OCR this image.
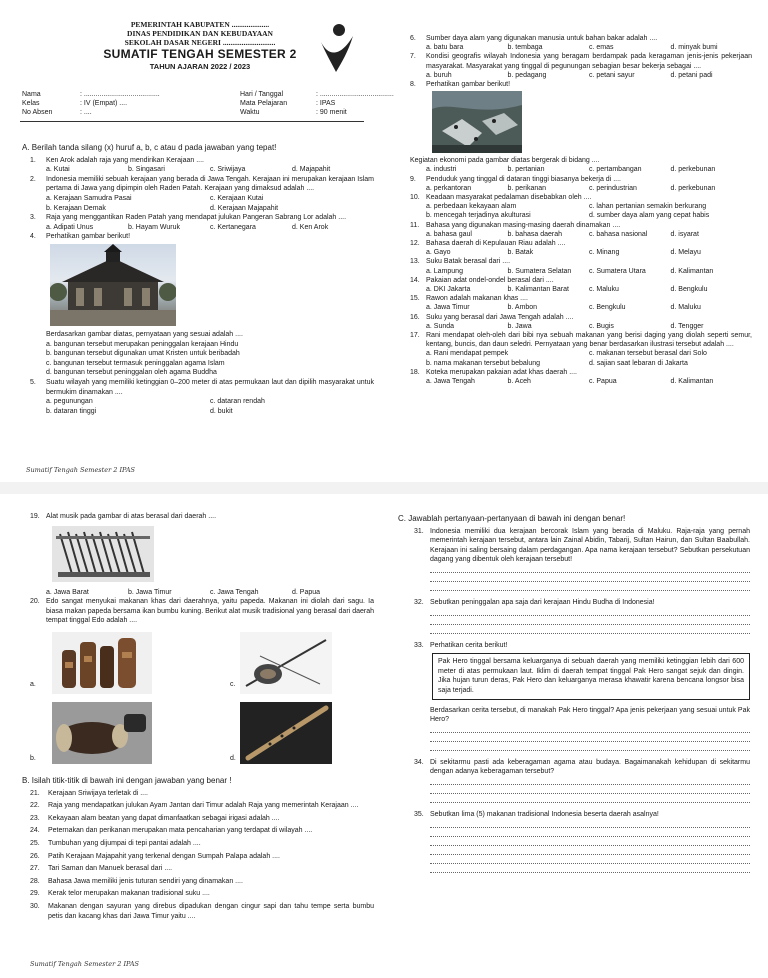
PEMERINTAH KABUPATEN ....................
DINAS PENDIDIKAN DAN KEBUDAYAAN
SEKOLAH DASAR NEGERI ............................
SUMATIF TENGAH SEMESTER 2
TAHUN AJARAN 2022 / 2023
Nama	: .......................................	Hari / Tanggal	: ......................................
Kelas	: IV (Empat) ....	Mata Pelajaran	: IPAS
No Absen	: ....	Waktu	: 90 menit
A. Berilah tanda silang (x) huruf a, b, c atau d pada jawaban yang tepat!
1.	Ken Arok adalah raja yang mendirikan Kerajaan ....
a. Kutai	b. Singasari	c. Sriwijaya	d. Majapahit
2.	Indonesia memiliki sebuah kerajaan yang berada di Jawa Tengah. Kerajaan ini merupakan kerajaan Islam pertama di Jawa yang dipimpin oleh Raden Patah. Kerajaan yang dimaksud adalah ....
a. Kerajaan Samudra Pasai	c. Kerajaan Kutai
b. Kerajaan Demak	d. Kerajaan Majapahit
3.	Raja yang menggantikan Raden Patah yang mendapat julukan Pangeran Sabrang Lor adalah ....
a. Adipati Unus	b. Hayam Wuruk	c. Kertanegara	d. Ken Arok
4.	Perhatikan gambar berikut!
Berdasarkan gambar diatas, pernyataan yang sesuai adalah ....
a. bangunan tersebut merupakan peninggalan kerajaan Hindu
b. bangunan tersebut digunakan umat Kristen untuk beribadah
c. bangunan tersebut termasuk peninggalan agama Islam
d. bangunan tersebut peninggalan oleh agama Buddha
5.	Suatu wilayah yang memiliki ketinggian 0–200 meter di atas permukaan laut dan dipilih masyarakat untuk bermukim dinamakan ....
a. pegunungan	c. dataran rendah
b. dataran tinggi	d. bukit
6.	Sumber daya alam yang digunakan manusia untuk bahan bakar adalah ....
a. batu bara	b. tembaga	c. emas	d. minyak bumi
7.	Kondisi geografis wilayah Indonesia yang beragam berdampak pada keragaman jenis-jenis pekerjaan masyarakat. Masyarakat yang tinggal di pegunungan sebagian besar bekerja sebagai ....
a. buruh	b. pedagang	c. petani sayur	d. petani padi
8.	Perhatikan gambar berikut!
Kegiatan ekonomi pada gambar diatas bergerak di bidang ....
a. industri	b. pertanian	c. pertambangan	d. perkebunan
9.	Penduduk yang tinggal di dataran tinggi biasanya bekerja di ....
a. perkantoran	b. perikanan	c. perindustrian	d. perkebunan
10. Keadaan masyarakat pedalaman disebabkan oleh ....
a. perbedaan kekayaan alam	c. lahan pertanian semakin berkurang
b. mencegah terjadinya akulturasi	d. sumber daya alam yang cepat habis
11. Bahasa yang digunakan masing-masing daerah dinamakan ....
a. bahasa gaul	b. bahasa daerah	c. bahasa nasional	d. isyarat
12. Bahasa daerah di Kepulauan Riau adalah ....
a. Gayo	b. Batak	c. Minang	d. Melayu
13. Suku Batak berasal dari ....
a. Lampung	b. Sumatera Selatan	c. Sumatera Utara	d. Kalimantan
14. Pakaian adat ondel-ondel berasal dari ....
a. DKI Jakarta	b. Kalimantan Barat	c. Maluku	d. Bengkulu
15. Rawon adalah makanan khas ....
a. Jawa Timur	b. Ambon	c. Bengkulu	d. Maluku
16. Suku yang berasal dari Jawa Tengah adalah ....
a. Sunda	b. Jawa	c. Bugis	d. Tengger
17. Rani mendapat oleh-oleh dari bibi nya sebuah makanan yang berisi daging yang diolah seperti semur, kentang, buncis, dan daun seledri. Pernyataan yang benar berdasarkan ilustrasi tersebut adalah ....
a. Rani mendapat pempek	c. makanan tersebut berasal dari Solo
b. nama makanan tersebut bebalung	d. sajian saat lebaran di Jakarta
18. Koteka merupakan pakaian adat khas daerah ....
a. Jawa Tengah	b. Aceh	c. Papua	d. Kalimantan
Sumatif Tengah Semester 2 IPAS
19. Alat musik pada gambar di atas berasal dari daerah ....
a. Jawa Barat	b. Jawa Timur	c. Jawa Tengah	d. Papua
20. Edo sangat menyukai makanan khas dari daerahnya, yaitu papeda. Makanan ini diolah dari sagu. Ia biasa makan papeda bersama ikan bumbu kuning. Berikut alat musik tradisional yang berasal dari daerah tempat tinggal Edo adalah ....
a.	c.
b.	d.
B. Isilah titik-titik di bawah ini dengan jawaban yang benar !
21.	Kerajaan Sriwijaya terletak di ....
22.	Raja yang mendapatkan julukan Ayam Jantan dari Timur adalah Raja yang memerintah Kerajaan ....
23.	Kekayaan alam beatan yang dapat dimanfaatkan sebagai irigasi adalah ....
24.	Peternakan dan perikanan merupakan mata pencaharian yang terdapat di wilayah ....
25.	Tumbuhan yang dijumpai di tepi pantai adalah ....
26.	Patih Kerajaan Majapahit yang terkenal dengan Sumpah Palapa adalah ....
27.	Tari Saman dan Manuek berasal dari ....
28.	Bahasa Jawa memiliki jenis tuturan sendiri yang dinamakan ....
29.	Kerak telor merupakan makanan tradisional suku ....
30.	Makanan dengan sayuran yang direbus dipadukan dengan cingur sapi dan tahu tempe serta bumbu petis dan kacang khas dari Jawa Timur yaitu ....
C. Jawablah pertanyaan-pertanyaan di bawah ini dengan benar!
31. Indonesia memiliki dua kerajaan bercorak Islam yang berada di Maluku. Raja-raja yang pernah memerintah kerajaan tersebut, antara lain Zainal Abidin, Tabarij, Sultan Hairun, dan Sultan Baabullah. Kerajaan ini saling bersaing dalam perdagangan. Apa nama kerajaan tersebut? Sebutkan persekutuan dagang yang dibentuk oleh kerajaan tersebut!
32. Sebutkan peninggalan apa saja dari kerajaan Hindu Budha di Indonesia!
33. Perhatikan cerita berikut!
Pak Hero tinggal bersama keluarganya di sebuah daerah yang memiliki ketinggian lebih dari 600 meter di atas permukaan laut. Iklim di daerah tempat tinggal Pak Hero sangat sejuk dan dingin. Jika hujan turun deras, Pak Hero dan keluarganya merasa khawatir karena bencana longsor bisa saja terjadi.
Berdasarkan cerita tersebut, di manakah Pak Hero tinggal? Apa jenis pekerjaan yang sesuai untuk Pak Hero?
34. Di sekitarmu pasti ada keberagaman agama atau budaya. Bagaimanakah kehidupan di sekitarmu dengan adanya keberagaman tersebut?
35. Sebutkan lima (5) makanan tradisional Indonesia beserta daerah asalnya!
Sumatif Tengah Semester 2 IPAS
